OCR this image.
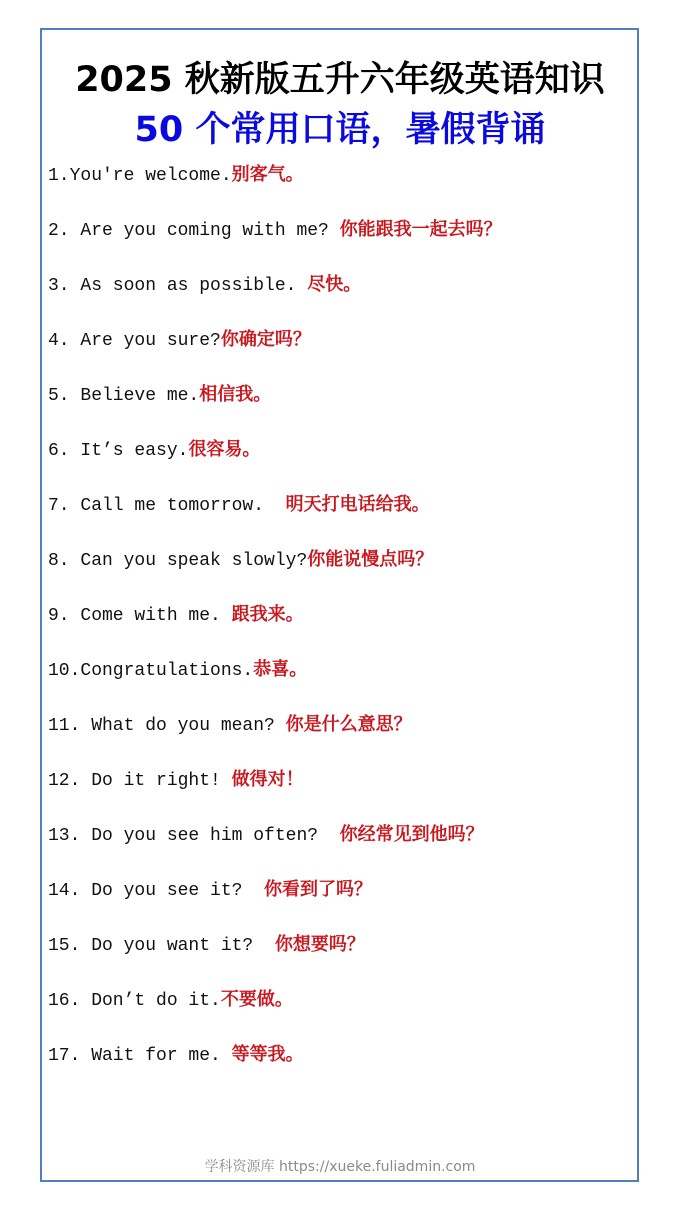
2025 秋新版五升六年级英语知识
50 个常用口语，暑假背诵
1.You're welcome.别客气。
2. Are you coming with me? 你能跟我一起去吗？
3. As soon as possible. 尽快。
4. Are you sure?你确定吗？
5. Believe me.相信我。
6. It’s easy.很容易。
7. Call me tomorrow.  明天打电话给我。
8. Can you speak slowly?你能说慢点吗？
9. Come with me. 跟我来。
10.Congratulations.恭喜。
11. What do you mean? 你是什么意思？
12. Do it right! 做得对！
13. Do you see him often?  你经常见到他吗？
14. Do you see it?  你看到了吗？
15. Do you want it?  你想要吗？
16. Don’t do it.不要做。
17. Wait for me. 等等我。
学科资源库 https://xueke.fuliadmin.com
